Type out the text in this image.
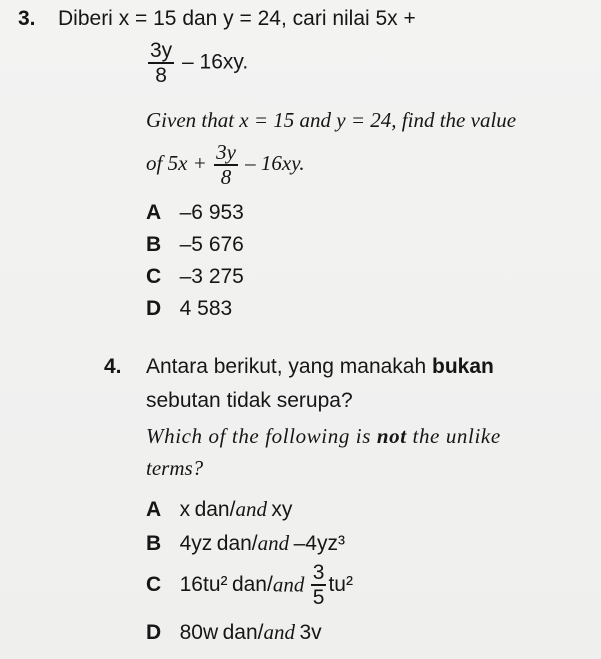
3. Diberi x = 15 dan y = 24, cari nilai 5x +
$\frac{3y}{8} - 16xy$.
Given that x = 15 and y = 24, find the value
of $5x + \frac{3y}{8} - 16xy$.
A –6 953
B –5 676
C –3 275
D 4 583
4. Antara berikut, yang manakah bukan
sebutan tidak serupa?
Which of the following is not the unlike
terms?
A x dan/and xy
B 4yz dan/and –4yz³
C 16tu² $dan/and \frac{3}{5} tu^2$
D 80w dan/and 3v
